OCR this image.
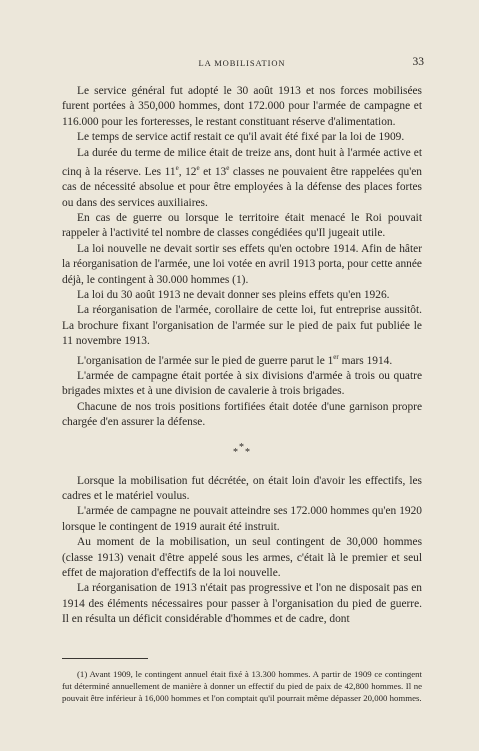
LA MOBILISATION	33

Le service général fut adopté le 30 août 1913 et nos forces mobilisées furent portées à 350,000 hommes, dont 172.000 pour l'armée de campagne et 116.000 pour les forteresses, le restant constituant réserve d'alimentation.

Le temps de service actif restait ce qu'il avait été fixé par la loi de 1909.

La durée du terme de milice était de treize ans, dont huit à l'armée active et cinq à la réserve. Les 11e, 12e et 13e classes ne pouvaient être rappelées qu'en cas de nécessité absolue et pour être employées à la défense des places fortes ou dans des services auxiliaires.

En cas de guerre ou lorsque le territoire était menacé le Roi pouvait rappeler à l'activité tel nombre de classes congédiées qu'Il jugeait utile.

La loi nouvelle ne devait sortir ses effets qu'en octobre 1914. Afin de hâter la réorganisation de l'armée, une loi votée en avril 1913 porta, pour cette année déjà, le contingent à 30.000 hommes (1).

La loi du 30 août 1913 ne devait donner ses pleins effets qu'en 1926.

La réorganisation de l'armée, corollaire de cette loi, fut entreprise aussitôt. La brochure fixant l'organisation de l'armée sur le pied de paix fut publiée le 11 novembre 1913.

L'organisation de l'armée sur le pied de guerre parut le 1er mars 1914.

L'armée de campagne était portée à six divisions d'armée à trois ou quatre brigades mixtes et à une division de cavalerie à trois brigades.

Chacune de nos trois positions fortifiées était dotée d'une garnison propre chargée d'en assurer la défense.

***

Lorsque la mobilisation fut décrétée, on était loin d'avoir les effectifs, les cadres et le matériel voulus.

L'armée de campagne ne pouvait atteindre ses 172.000 hommes qu'en 1920 lorsque le contingent de 1919 aurait été instruit.

Au moment de la mobilisation, un seul contingent de 30,000 hommes (classe 1913) venait d'être appelé sous les armes, c'était là le premier et seul effet de majoration d'effectifs de la loi nouvelle.

La réorganisation de 1913 n'était pas progressive et l'on ne disposait pas en 1914 des éléments nécessaires pour passer à l'organisation du pied de guerre. Il en résulta un déficit considérable d'hommes et de cadre, dont

(1) Avant 1909, le contingent annuel était fixé à 13.300 hommes. A partir de 1909 ce contingent fut déterminé annuellement de manière à donner un effectif du pied de paix de 42,800 hommes. Il ne pouvait être inférieur à 16,000 hommes et l'on comptait qu'il pourrait même dépasser 20,000 hommes.
